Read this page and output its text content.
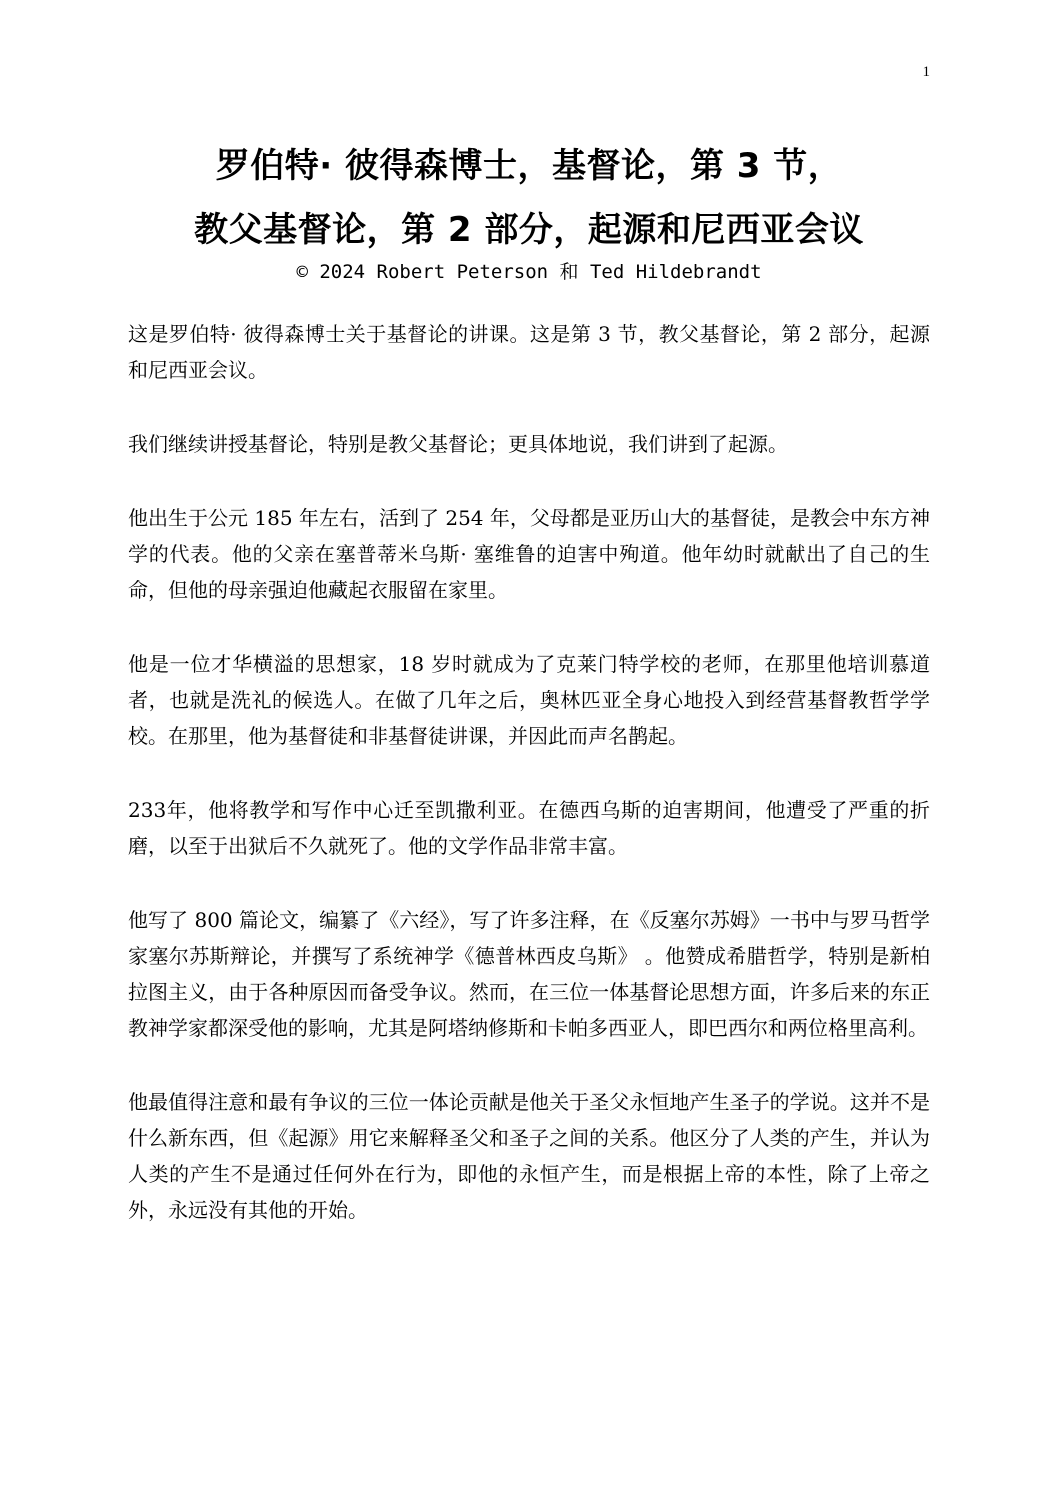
1
罗伯特· 彼得森博士，基督论，第 3 节，
教父基督论，第 2 部分，起源和尼西亚会议
© 2024 Robert Peterson 和 Ted Hildebrandt

这是罗伯特· 彼得森博士关于基督论的讲课。这是第 3 节，教父基督论，第 2 部分，起源和尼西亚会议。

我们继续讲授基督论，特别是教父基督论；更具体地说，我们讲到了起源。

他出生于公元 185 年左右，活到了 254 年，父母都是亚历山大的基督徒，是教会中东方神学的代表。他的父亲在塞普蒂米乌斯· 塞维鲁的迫害中殉道。他年幼时就献出了自己的生命，但他的母亲强迫他藏起衣服留在家里。

他是一位才华横溢的思想家，18 岁时就成为了克莱门特学校的老师，在那里他培训慕道者，也就是洗礼的候选人。在做了几年之后，奥林匹亚全身心地投入到经营基督教哲学学校。在那里，他为基督徒和非基督徒讲课，并因此而声名鹊起。

233年，他将教学和写作中心迁至凯撒利亚。在德西乌斯的迫害期间，他遭受了严重的折磨，以至于出狱后不久就死了。他的文学作品非常丰富。

他写了 800 篇论文，编纂了《六经》，写了许多注释，在《反塞尔苏姆》一书中与罗马哲学家塞尔苏斯辩论，并撰写了系统神学《德普林西皮乌斯》 。他赞成希腊哲学，特别是新柏拉图主义，由于各种原因而备受争议。然而，在三位一体基督论思想方面，许多后来的东正教神学家都深受他的影响，尤其是阿塔纳修斯和卡帕多西亚人，即巴西尔和两位格里高利。

他最值得注意和最有争议的三位一体论贡献是他关于圣父永恒地产生圣子的学说。这并不是什么新东西，但《起源》用它来解释圣父和圣子之间的关系。他区分了人类的产生，并认为人类的产生不是通过任何外在行为，即他的永恒产生，而是根据上帝的本性，除了上帝之外，永远没有其他的开始。
